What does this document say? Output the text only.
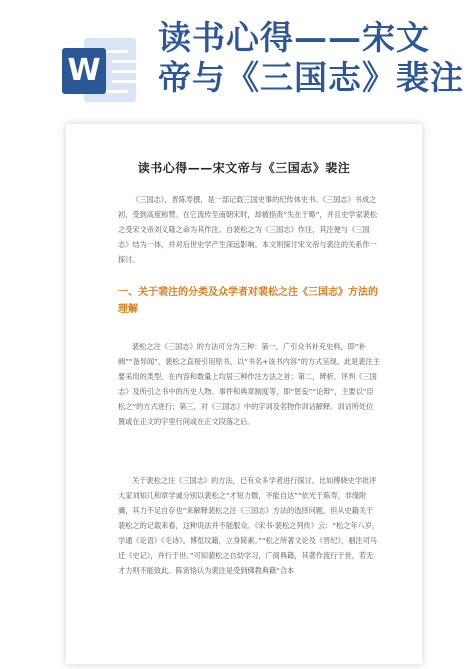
W
读书心得——宋文
帝与《三国志》裴注
读书心得——宋文帝与《三国志》裴注

《三国志》，晋陈寿撰，是一部记载三国史事的纪传体史书。《三国志》书成之初，受到高度称赞。在它流传至南朝宋时，却被指责“失在于略”，并且史学家裴松之受宋文帝刘义隆之命为其作注。自裴松之为《三国志》作注，其注便与《三国志》结为一体，并对后世史学产生深远影响。本文则探讨宋文帝与裴注的关系作一探讨。

一、关于裴注的分类及众学者对裴松之注《三国志》方法的理解

裴松之注《三国志》的方法可分为三种：第一，广引众书补充史料，即“补阙”“备异闻”，裴松之直接引用原书，以“书名+该书内容”的方式呈现。此是裴注主要采用的类型，在内容和数量上均居三种作注方法之首；第二，辨析、评判《三国志》及所引之书中的历史人物、事件和典章制度等，即“惩妄”“论辩”，主要以“臣松之”的方式进行；第三，对《三国志》中的字词及名物作训诂解释。训诂所处位置或在正文的字里行间或在正文段落之后。

关于裴松之注《三国志》的方法，已有众多学者进行探讨。比如傅晓史学批评大家刘知几和章学诚分别以裴松之“才短力微，不能自达”“依光于陈寿，非缘附骥，其力不足自存也”来解释裴松之注《三国志》方法的选择问题，但从史籍关于裴松之的记载来看，这种说法并不能服众。《宋书·裴松之列传》云：“松之年八岁，学通《论语》《毛诗》。博览坟籍，立身简素。”“松之所著文论及《晋纪》，骃注司马迁《史记》，并行于世。”可知裴松之自幼学习，广阅典籍，其著作流行于世，若无才力则不能致此。陈寅恪认为裴注是受到佛教典籍“合本
